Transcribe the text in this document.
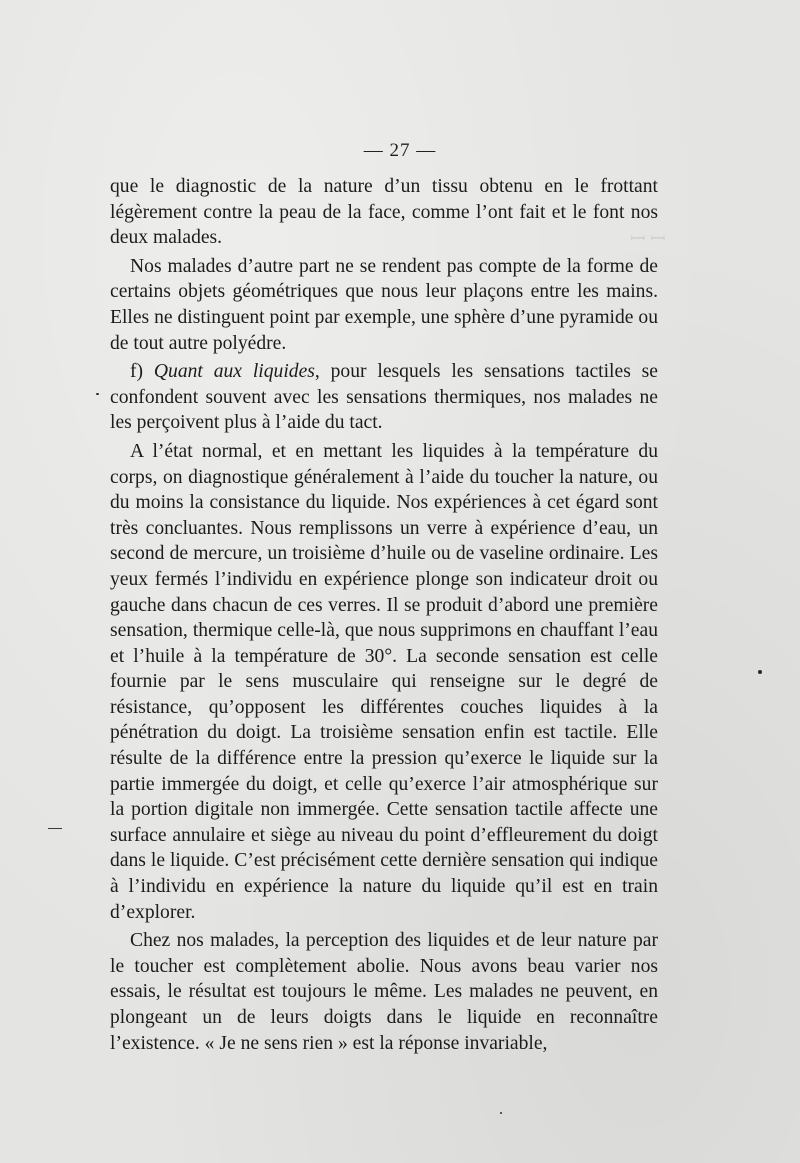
ꟷ ꟷ
— 27 —

que le diagnostic de la nature d’un tissu obtenu en le frottant légèrement contre la peau de la face, comme l’ont fait et le font nos deux malades.

Nos malades d’autre part ne se rendent pas compte de la forme de certains objets géométriques que nous leur plaçons entre les mains. Elles ne distinguent point par exemple, une sphère d’une pyramide ou de tout autre polyédre.

f) Quant aux liquides, pour lesquels les sensations tactiles se confondent souvent avec les sensations thermiques, nos malades ne les perçoivent plus à l’aide du tact.

A l’état normal, et en mettant les liquides à la température du corps, on diagnostique généralement à l’aide du toucher la nature, ou du moins la consistance du liquide. Nos expériences à cet égard sont très concluantes. Nous remplissons un verre à expérience d’eau, un second de mercure, un troisième d’huile ou de vaseline ordinaire. Les yeux fermés l’individu en expérience plonge son indicateur droit ou gauche dans chacun de ces verres. Il se produit d’abord une première sensation, thermique celle-là, que nous supprimons en chauffant l’eau et l’huile à la température de 30°. La seconde sensation est celle fournie par le sens musculaire qui renseigne sur le degré de résistance, qu’opposent les différentes couches liquides à la pénétration du doigt. La troisième sensation enfin est tactile. Elle résulte de la différence entre la pression qu’exerce le liquide sur la partie immergée du doigt, et celle qu’exerce l’air atmosphérique sur la portion digitale non immergée. Cette sensation tactile affecte une surface annulaire et siège au niveau du point d’effleurement du doigt dans le liquide. C’est précisément cette dernière sensation qui indique à l’individu en expérience la nature du liquide qu’il est en train d’explorer.

Chez nos malades, la perception des liquides et de leur nature par le toucher est complètement abolie. Nous avons beau varier nos essais, le résultat est toujours le même. Les malades ne peuvent, en plongeant un de leurs doigts dans le liquide en reconnaître l’existence. « Je ne sens rien » est la réponse invariable,
